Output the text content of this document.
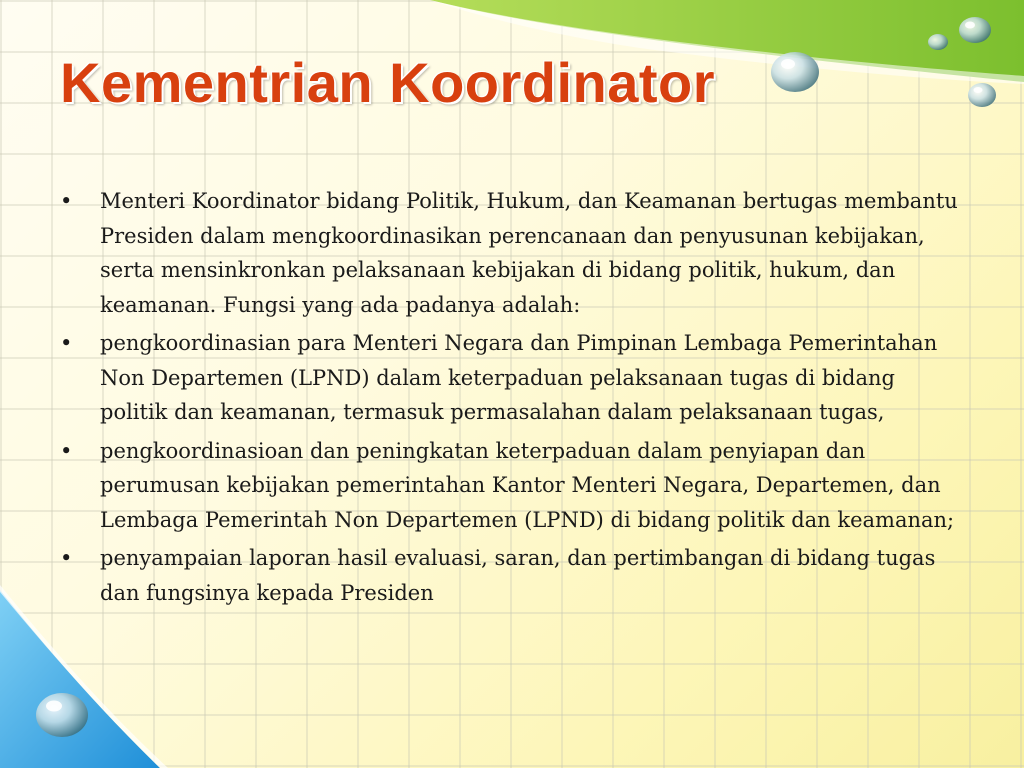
Kementrian Koordinator
• Menteri Koordinator bidang Politik, Hukum, dan Keamanan bertugas membantu Presiden dalam mengkoordinasikan perencanaan dan penyusunan kebijakan, serta mensinkronkan pelaksanaan kebijakan di bidang politik, hukum, dan keamanan. Fungsi yang ada padanya adalah:
• pengkoordinasian para Menteri Negara dan Pimpinan Lembaga Pemerintahan Non Departemen (LPND) dalam keterpaduan pelaksanaan tugas di bidang politik dan keamanan, termasuk permasalahan dalam pelaksanaan tugas,
• pengkoordinasioan dan peningkatan keterpaduan dalam penyiapan dan perumusan kebijakan pemerintahan Kantor Menteri Negara, Departemen, dan Lembaga Pemerintah Non Departemen (LPND) di bidang politik dan keamanan;
• penyampaian laporan hasil evaluasi, saran, dan pertimbangan di bidang tugas dan fungsinya kepada Presiden
